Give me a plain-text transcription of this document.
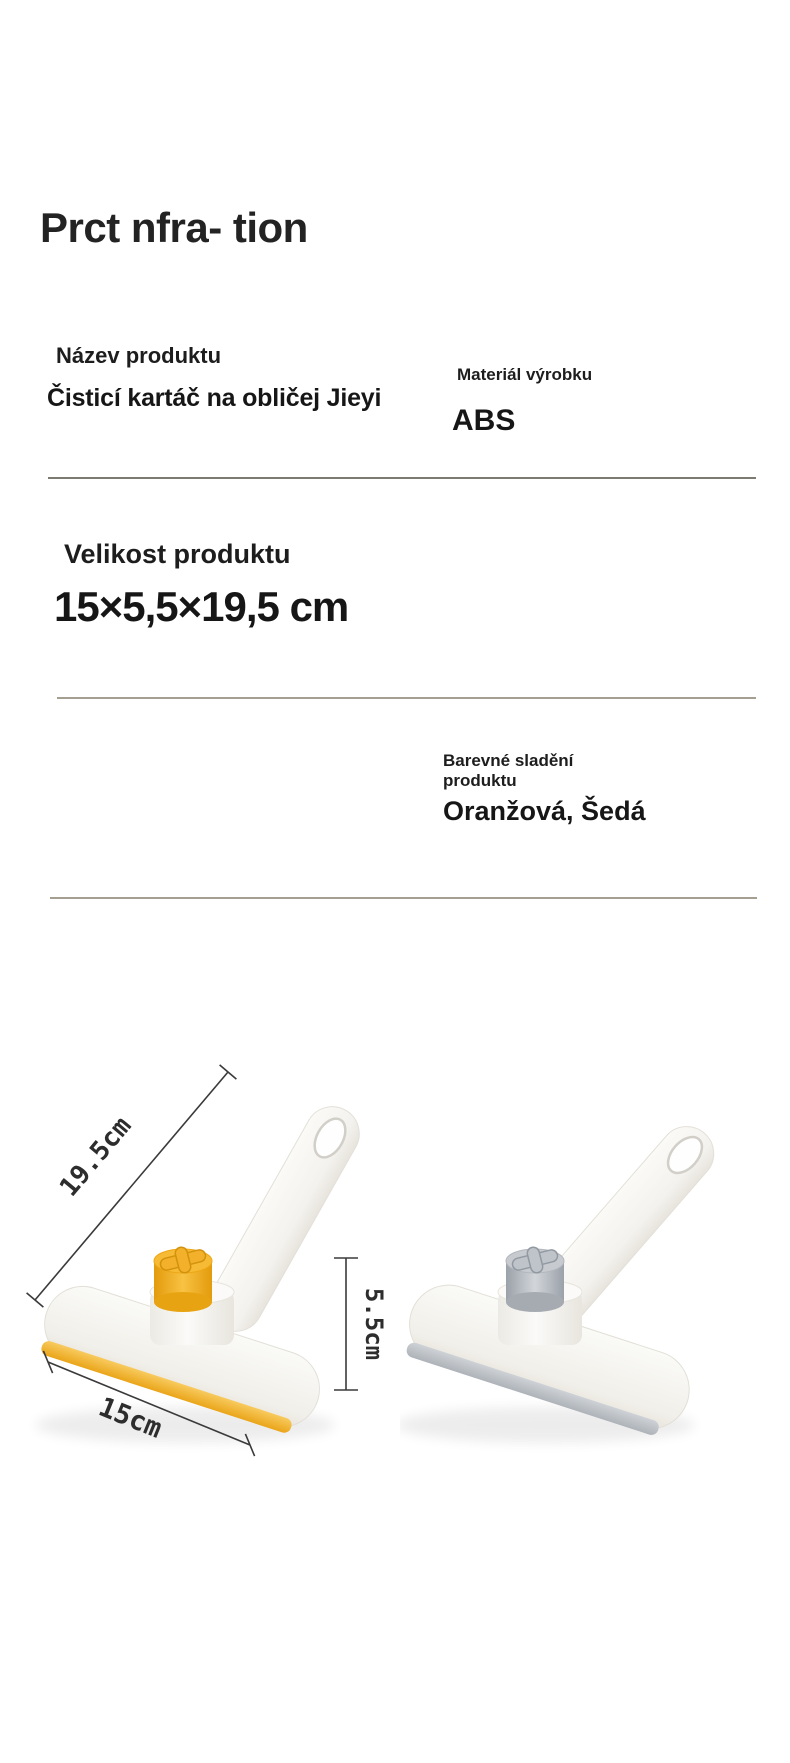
Prct nfra- tion
Název produktu
Čisticí kartáč na obličej Jieyi
Materiál výrobku
ABS
Velikost produktu
15×5,5×19,5 cm
Barevné sladění produktu
Oranžová, Šedá
19.5cm
15cm
5.5cm
